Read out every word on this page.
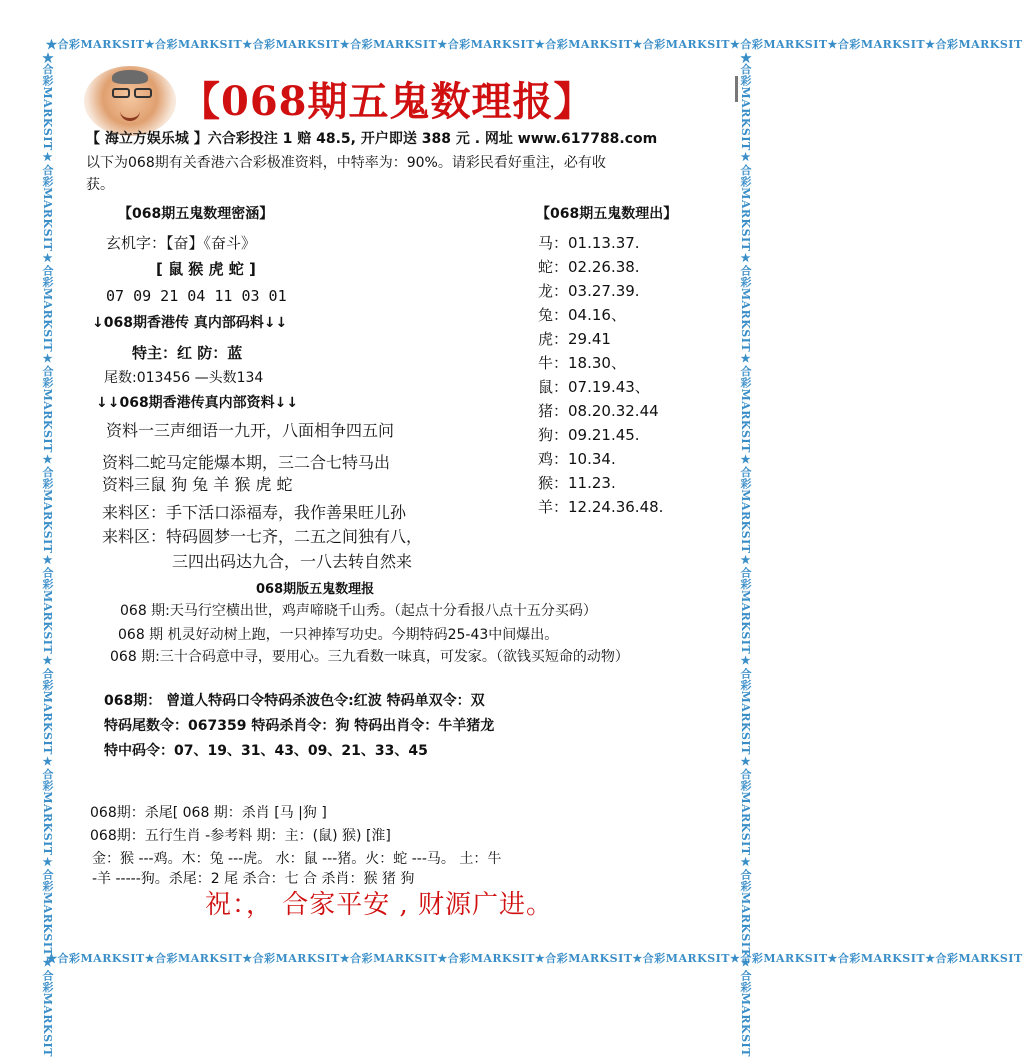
★合彩MARKSIT★合彩MARKSIT★合彩MARKSIT★合彩MARKSIT★合彩MARKSIT★合彩MARKSIT★合彩MARKSIT★合彩MARKSIT★合彩MARKSIT★合彩MARKSIT
★合彩MARKSIT★合彩MARKSIT★合彩MARKSIT★合彩MARKSIT★合彩MARKSIT★合彩MARKSIT★合彩MARKSIT★合彩MARKSIT★合彩MARKSIT★合彩MARKSIT
★合彩MARKSIT★合彩MARKSIT★合彩MARKSIT★合彩MARKSIT★合彩MARKSIT★合彩MARKSIT★合彩MARKSIT★合彩MARKSIT★合彩MARKSIT★合彩MARKSIT	★合彩MARKSIT★合彩MARKSIT★合彩MARKSIT★合彩MARKSIT★合彩MARKSIT★合彩MARKSIT★合彩MARKSIT★合彩MARKSIT★合彩MARKSIT★合彩MARKSIT
【068期五鬼数理报】
【 海立方娱乐城 】六合彩投注 1 赔 48.5, 开户即送 388 元 . 网址 www.617788.com
以下为068期有关香港六合彩极准资料，中特率为：90%。请彩民看好重注，必有收
获。
【068期五鬼数理密涵】
玄机字：【奋】《奋斗》
[ 鼠 猴 虎 蛇 ]
07 09 21 04 11 03 01
↓068期香港传 真内部码料↓↓
特主：红 防：蓝
尾数:013456 —头数134
↓↓068期香港传真内部资料↓↓
资料一三声细语一九开，八面相争四五问
资料二蛇马定能爆本期，三二合七特马出
资料三鼠 狗 兔 羊 猴 虎 蛇
来料区：手下活口添福寿，我作善果旺儿孙
来料区：特码圆梦一七齐，二五之间独有八，
三四出码达九合，一八去转自然来
068期版五鬼数理报
【068期五鬼数理出】
马：01.13.37.
蛇：02.26.38.
龙：03.27.39.
兔：04.16、
虎：29.41
牛：18.30、
鼠：07.19.43、
猪：08.20.32.44
狗：09.21.45.
鸡：10.34.
猴：11.23.
羊：12.24.36.48.
068 期:天马行空横出世，鸡声啼晓千山秀。（起点十分看报八点十五分买码）
068 期 机灵好动树上跑，一只神捧写功史。今期特码25-43中间爆出。
068 期:三十合码意中寻，要用心。三九看数一味真，可发家。（欲钱买短命的动物）
068期： 曾道人特码口令特码杀波色令:红波 特码单双令：双
特码尾数令：067359 特码杀肖令：狗 特码出肖令：牛羊猪龙
特中码令：07、19、31、43、09、21、33、45
068期：杀尾[ 068 期：杀肖 [马 |狗 ]
068期：五行生肖 -参考料 期：主：(鼠) 猴) [淮]
金：猴 ---鸡。木：兔 ---虎。 水：鼠 ---猪。火：蛇 ---马。 土：牛
-羊 -----狗。杀尾：2 尾 杀合：七 合 杀肖：猴 猪 狗
祝：， 合家平安 , 财源广进。
